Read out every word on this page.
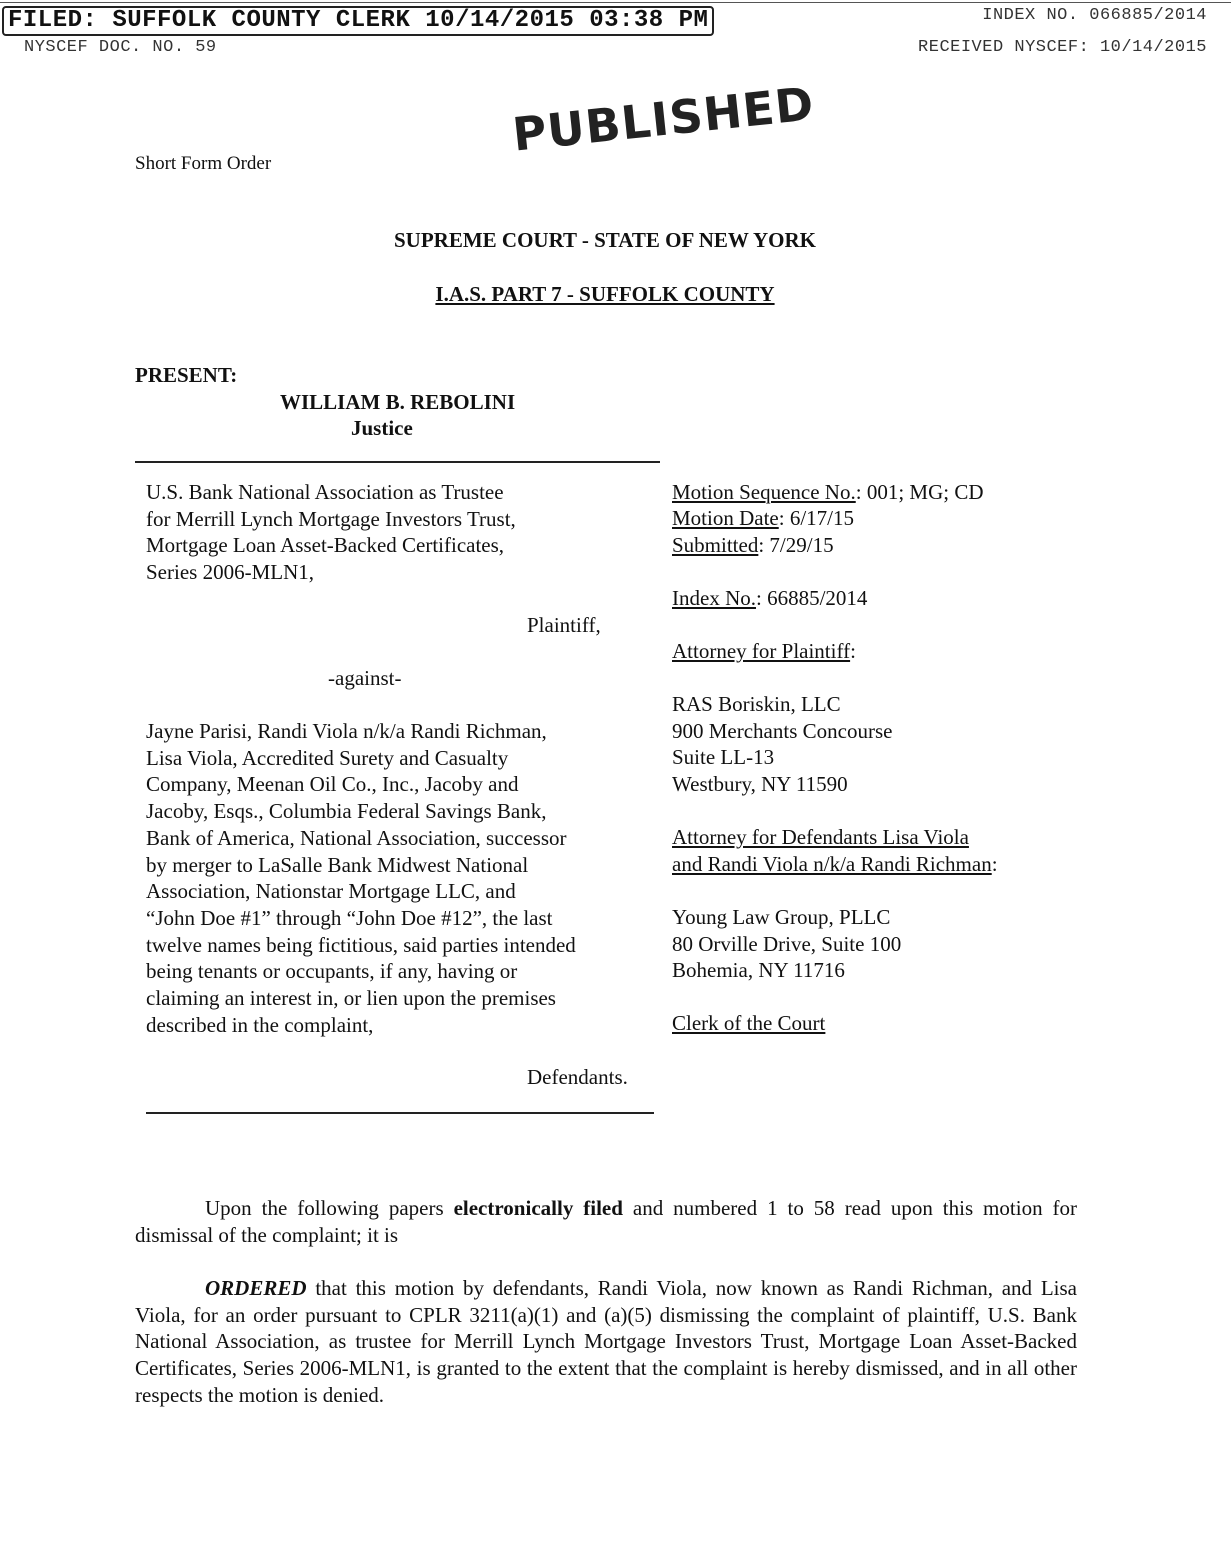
FILED: SUFFOLK COUNTY CLERK 10/14/2015 03:38 PM	INDEX NO. 066885/2014
NYSCEF DOC. NO. 59	RECEIVED NYSCEF: 10/14/2015
PUBLISHED
Short Form Order
SUPREME COURT - STATE OF NEW YORK
I.A.S. PART 7 - SUFFOLK COUNTY
PRESENT:
WILLIAM B. REBOLINI
Justice
U.S. Bank National Association as Trustee
for Merrill Lynch Mortgage Investors Trust,
Mortgage Loan Asset-Backed Certificates,
Series 2006-MLN1,
Plaintiff,
-against-
Jayne Parisi, Randi Viola n/k/a Randi Richman,
Lisa Viola, Accredited Surety and Casualty
Company, Meenan Oil Co., Inc., Jacoby and
Jacoby, Esqs., Columbia Federal Savings Bank,
Bank of America, National Association, successor
by merger to LaSalle Bank Midwest National
Association, Nationstar Mortgage LLC, and
“John Doe #1” through “John Doe #12”, the last
twelve names being fictitious, said parties intended
being tenants or occupants, if any, having or
claiming an interest in, or lien upon the premises
described in the complaint,
Defendants.
Motion Sequence No.: 001; MG; CD
Motion Date: 6/17/15
Submitted: 7/29/15
Index No.: 66885/2014
Attorney for Plaintiff:
RAS Boriskin, LLC
900 Merchants Concourse
Suite LL-13
Westbury, NY 11590
Attorney for Defendants Lisa Viola
and Randi Viola n/k/a Randi Richman:
Young Law Group, PLLC
80 Orville Drive, Suite 100
Bohemia, NY 11716
Clerk of the Court
Upon the following papers electronically filed and numbered 1 to 58 read upon this motion for dismissal of the complaint; it is
ORDERED that this motion by defendants, Randi Viola, now known as Randi Richman, and Lisa Viola, for an order pursuant to CPLR 3211(a)(1) and (a)(5) dismissing the complaint of plaintiff, U.S. Bank National Association, as trustee for Merrill Lynch Mortgage Investors Trust, Mortgage Loan Asset-Backed Certificates, Series 2006-MLN1, is granted to the extent that the complaint is hereby dismissed, and in all other respects the motion is denied.
